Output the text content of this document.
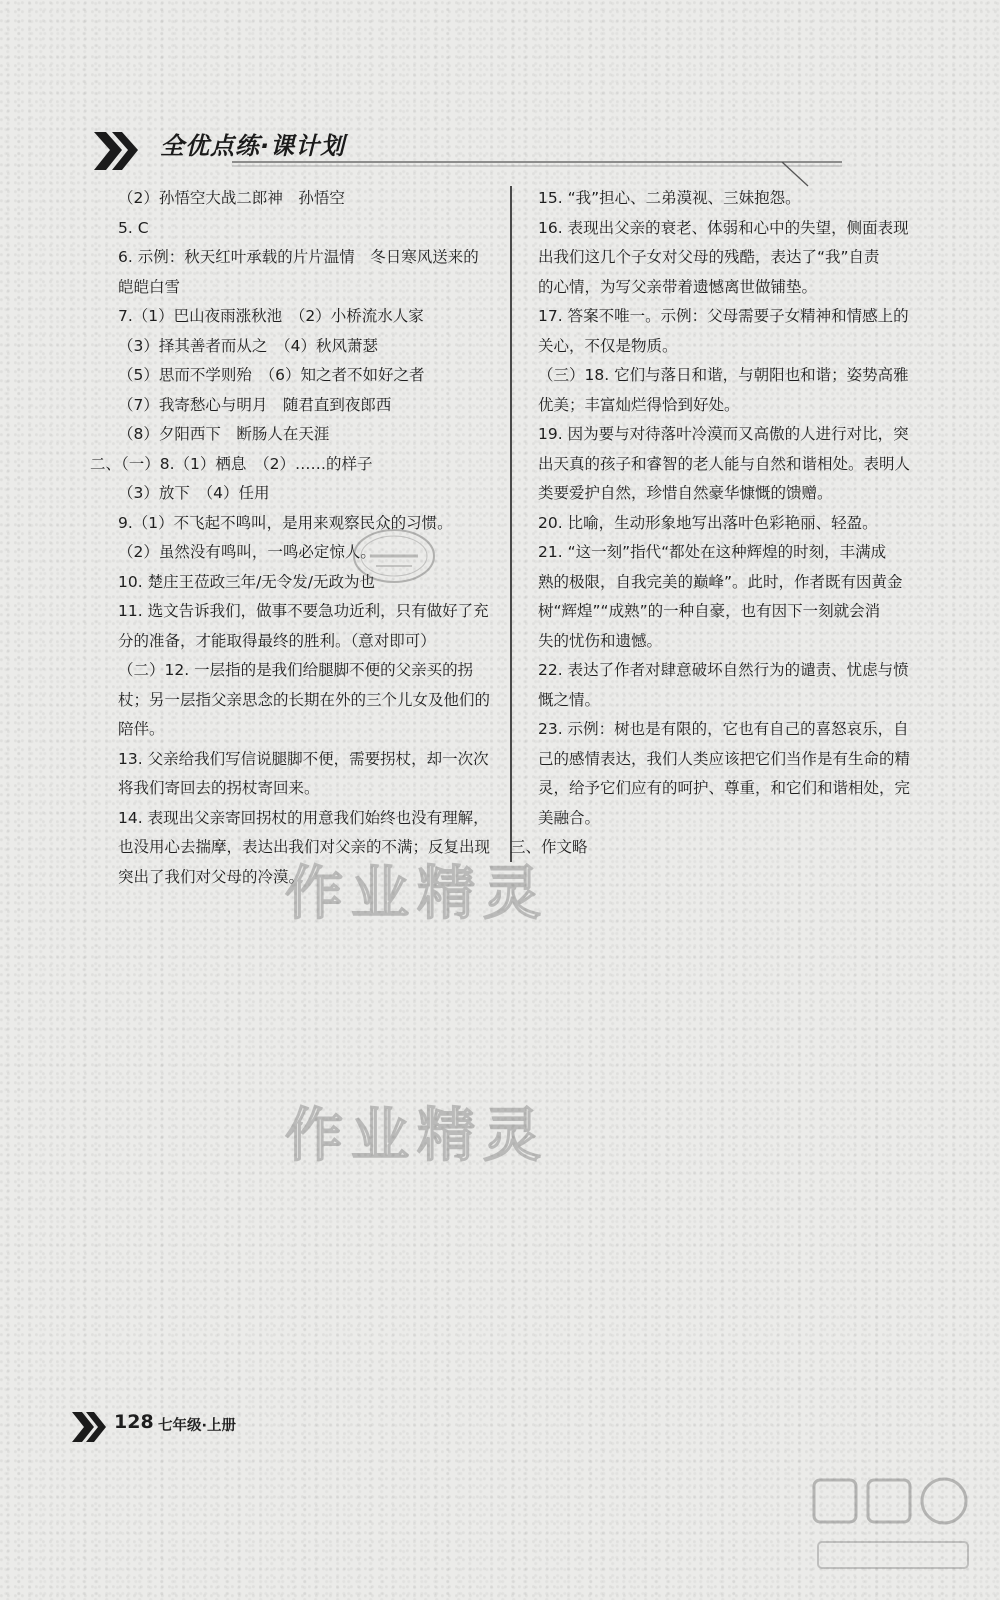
全优点练·课计划
（2）孙悟空大战二郎神　孙悟空
5. C
6. 示例：秋天红叶承载的片片温情　冬日寒风送来的
皑皑白雪
7.（1）巴山夜雨涨秋池　（2）小桥流水人家
（3）择其善者而从之　（4）秋风萧瑟
（5）思而不学则殆　（6）知之者不如好之者
（7）我寄愁心与明月　随君直到夜郎西
（8）夕阳西下　断肠人在天涯
二、（一）8.（1）栖息　（2）……的样子
（3）放下　（4）任用
9.（1）不飞起不鸣叫，是用来观察民众的习惯。
（2）虽然没有鸣叫，一鸣必定惊人。
10. 楚庄王莅政三年/无令发/无政为也
11. 选文告诉我们，做事不要急功近利，只有做好了充
分的准备，才能取得最终的胜利。（意对即可）
（二）12. 一层指的是我们给腿脚不便的父亲买的拐
杖；另一层指父亲思念的长期在外的三个儿女及他们的
陪伴。
13. 父亲给我们写信说腿脚不便，需要拐杖，却一次次
将我们寄回去的拐杖寄回来。
14. 表现出父亲寄回拐杖的用意我们始终也没有理解，
也没用心去揣摩，表达出我们对父亲的不满；反复出现
突出了我们对父母的冷漠。
15. “我”担心、二弟漠视、三妹抱怨。
16. 表现出父亲的衰老、体弱和心中的失望，侧面表现
出我们这几个子女对父母的残酷，表达了“我”自责
的心情，为写父亲带着遗憾离世做铺垫。
17. 答案不唯一。示例：父母需要子女精神和情感上的
关心，不仅是物质。
（三）18. 它们与落日和谐，与朝阳也和谐；姿势高雅
优美；丰富灿烂得恰到好处。
19. 因为要与对待落叶冷漠而又高傲的人进行对比，突
出天真的孩子和睿智的老人能与自然和谐相处。表明人
类要爱护自然，珍惜自然豪华慷慨的馈赠。
20. 比喻，生动形象地写出落叶色彩艳丽、轻盈。
21. “这一刻”指代“都处在这种辉煌的时刻，丰满成
熟的极限，自我完美的巅峰”。此时，作者既有因黄金
树“辉煌”“成熟”的一种自豪，也有因下一刻就会消
失的忧伤和遗憾。
22. 表达了作者对肆意破坏自然行为的谴责、忧虑与愤
慨之情。
23. 示例：树也是有限的，它也有自己的喜怒哀乐，自
己的感情表达，我们人类应该把它们当作是有生命的精
灵，给予它们应有的呵护、尊重，和它们和谐相处，完
美融合。
三、作文略
作业精灵
作业精灵
128 七年级·上册
